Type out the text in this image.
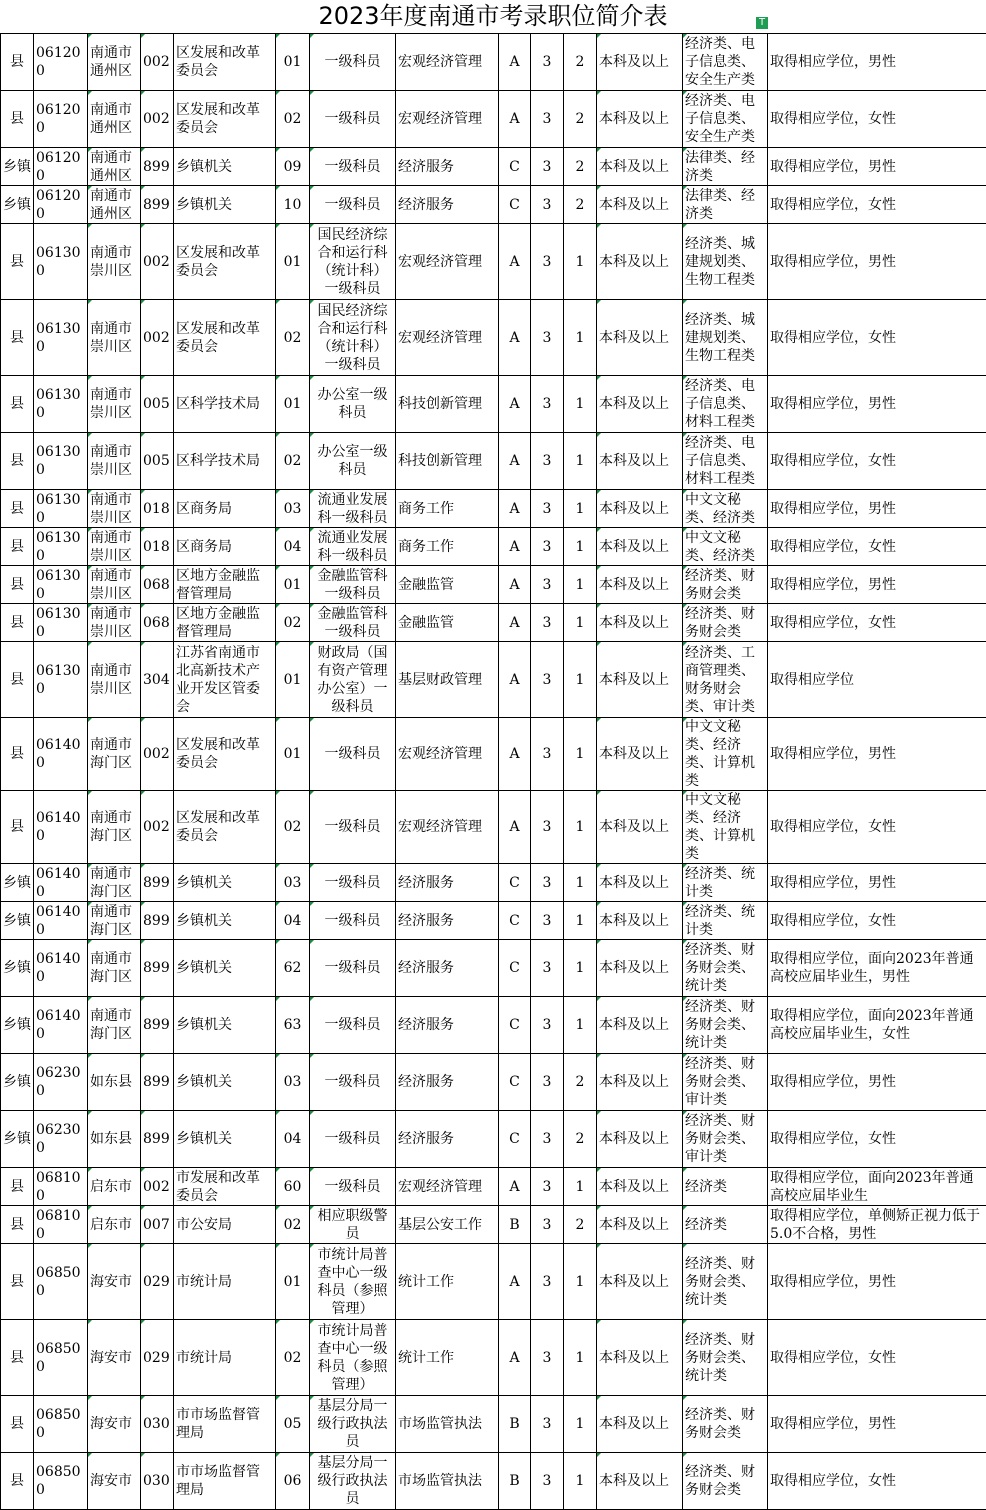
2023年度南通市考录职位简介表	T
县	061200	南通市通州区	002	区发展和改革委员会	01	一级科员	宏观经济管理	A	3	2	本科及以上	经济类、电子信息类、安全生产类	取得相应学位，男性
县	061200	南通市通州区	002	区发展和改革委员会	02	一级科员	宏观经济管理	A	3	2	本科及以上	经济类、电子信息类、安全生产类	取得相应学位，女性
乡镇	061200	南通市通州区	899	乡镇机关	09	一级科员	经济服务	C	3	2	本科及以上	法律类、经济类	取得相应学位，男性
乡镇	061200	南通市通州区	899	乡镇机关	10	一级科员	经济服务	C	3	2	本科及以上	法律类、经济类	取得相应学位，女性
县	061300	南通市崇川区	002	区发展和改革委员会	01	国民经济综合和运行科（统计科）一级科员	宏观经济管理	A	3	1	本科及以上	经济类、城建规划类、生物工程类	取得相应学位，男性
县	061300	南通市崇川区	002	区发展和改革委员会	02	国民经济综合和运行科（统计科）一级科员	宏观经济管理	A	3	1	本科及以上	经济类、城建规划类、生物工程类	取得相应学位，女性
县	061300	南通市崇川区	005	区科学技术局	01	办公室一级科员	科技创新管理	A	3	1	本科及以上	经济类、电子信息类、材料工程类	取得相应学位，男性
县	061300	南通市崇川区	005	区科学技术局	02	办公室一级科员	科技创新管理	A	3	1	本科及以上	经济类、电子信息类、材料工程类	取得相应学位，女性
县	061300	南通市崇川区	018	区商务局	03	流通业发展科一级科员	商务工作	A	3	1	本科及以上	中文文秘类、经济类	取得相应学位，男性
县	061300	南通市崇川区	018	区商务局	04	流通业发展科一级科员	商务工作	A	3	1	本科及以上	中文文秘类、经济类	取得相应学位，女性
县	061300	南通市崇川区	068	区地方金融监督管理局	01	金融监管科一级科员	金融监管	A	3	1	本科及以上	经济类、财务财会类	取得相应学位，男性
县	061300	南通市崇川区	068	区地方金融监督管理局	02	金融监管科一级科员	金融监管	A	3	1	本科及以上	经济类、财务财会类	取得相应学位，女性
县	061300	南通市崇川区	304	江苏省南通市北高新技术产业开发区管委会	01	财政局（国有资产管理办公室）一级科员	基层财政管理	A	3	1	本科及以上	经济类、工商管理类、财务财会类、审计类	取得相应学位
县	061400	南通市海门区	002	区发展和改革委员会	01	一级科员	宏观经济管理	A	3	1	本科及以上	中文文秘类、经济类、计算机类	取得相应学位，男性
县	061400	南通市海门区	002	区发展和改革委员会	02	一级科员	宏观经济管理	A	3	1	本科及以上	中文文秘类、经济类、计算机类	取得相应学位，女性
乡镇	061400	南通市海门区	899	乡镇机关	03	一级科员	经济服务	C	3	1	本科及以上	经济类、统计类	取得相应学位，男性
乡镇	061400	南通市海门区	899	乡镇机关	04	一级科员	经济服务	C	3	1	本科及以上	经济类、统计类	取得相应学位，女性
乡镇	061400	南通市海门区	899	乡镇机关	62	一级科员	经济服务	C	3	1	本科及以上	经济类、财务财会类、统计类	取得相应学位，面向2023年普通高校应届毕业生，男性
乡镇	061400	南通市海门区	899	乡镇机关	63	一级科员	经济服务	C	3	1	本科及以上	经济类、财务财会类、统计类	取得相应学位，面向2023年普通高校应届毕业生，女性
乡镇	062300	如东县	899	乡镇机关	03	一级科员	经济服务	C	3	2	本科及以上	经济类、财务财会类、审计类	取得相应学位，男性
乡镇	062300	如东县	899	乡镇机关	04	一级科员	经济服务	C	3	2	本科及以上	经济类、财务财会类、审计类	取得相应学位，女性
县	068100	启东市	002	市发展和改革委员会	60	一级科员	宏观经济管理	A	3	1	本科及以上	经济类	取得相应学位，面向2023年普通高校应届毕业生
县	068100	启东市	007	市公安局	02	相应职级警员	基层公安工作	B	3	2	本科及以上	经济类	取得相应学位，单侧矫正视力低于5.0不合格，男性
县	068500	海安市	029	市统计局	01	市统计局普查中心一级科员（参照管理）	统计工作	A	3	1	本科及以上	经济类、财务财会类、统计类	取得相应学位，男性
县	068500	海安市	029	市统计局	02	市统计局普查中心一级科员（参照管理）	统计工作	A	3	1	本科及以上	经济类、财务财会类、统计类	取得相应学位，女性
县	068500	海安市	030	市市场监督管理局	05	基层分局一级行政执法员	市场监管执法	B	3	1	本科及以上	经济类、财务财会类	取得相应学位，男性
县	068500	海安市	030	市市场监督管理局	06	基层分局一级行政执法员	市场监管执法	B	3	1	本科及以上	经济类、财务财会类	取得相应学位，女性
